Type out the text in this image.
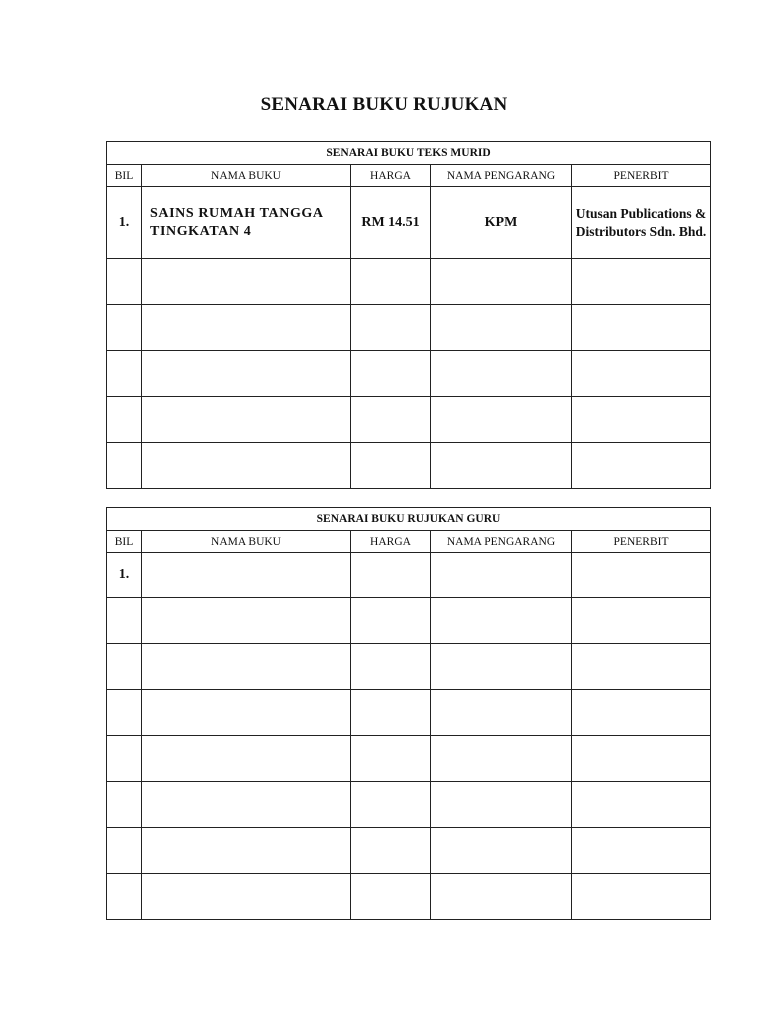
SENARAI BUKU RUJUKAN
SENARAI BUKU TEKS MURID				
BIL	NAMA BUKU	HARGA	NAMA PENGARANG	PENERBIT
1.	SAINS RUMAH TANGGA TINGKATAN 4	RM 14.51	KPM	Utusan Publications & Distributors Sdn. Bhd.

SENARAI BUKU RUJUKAN GURU				
BIL	NAMA BUKU	HARGA	NAMA PENGARANG	PENERBIT
1.				
